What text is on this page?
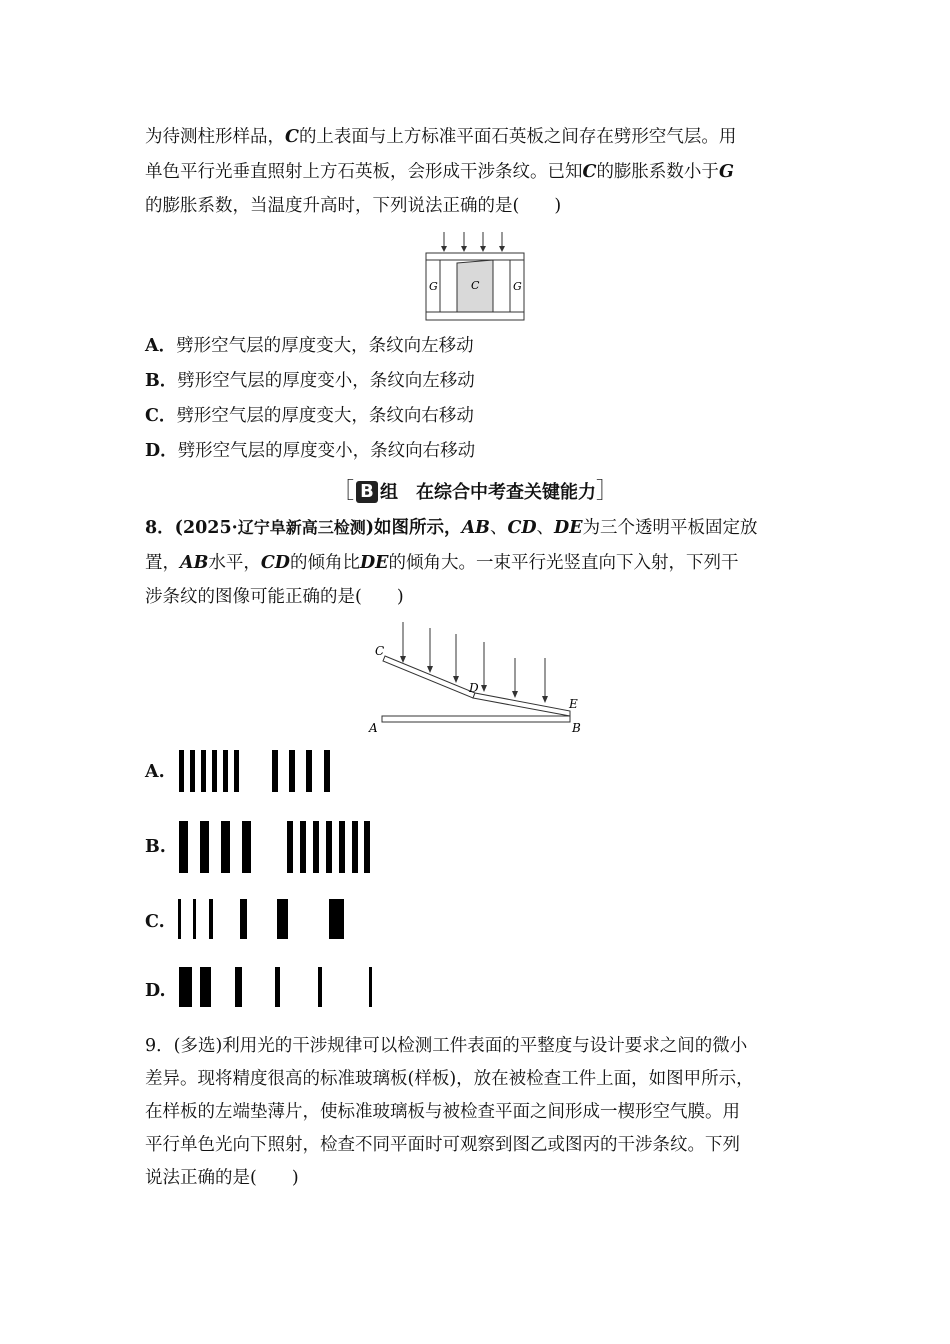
为待测柱形样品，C的上表面与上方标准平面石英板之间存在劈形空气层。用
单色平行光垂直照射上方石英板，会形成干涉条纹。已知C的膨胀系数小于G
的膨胀系数，当温度升高时，下列说法正确的是(　　)
G	C	G
A．劈形空气层的厚度变大，条纹向左移动
B．劈形空气层的厚度变小，条纹向左移动
C．劈形空气层的厚度变大，条纹向右移动
D．劈形空气层的厚度变小，条纹向右移动
［ B 组　在综合中考查关键能力］
8．(2025·辽宁阜新高三检测)如图所示，AB、CD、DE为三个透明平板固定放
置，AB水平，CD的倾角比DE的倾角大。一束平行光竖直向下入射，下列干
涉条纹的图像可能正确的是(　　)
C
D
E
A	B
A.
B.
C.
D.
9．(多选)利用光的干涉规律可以检测工件表面的平整度与设计要求之间的微小
差异。现将精度很高的标准玻璃板(样板)，放在被检查工件上面，如图甲所示，
在样板的左端垫薄片，使标准玻璃板与被检查平面之间形成一楔形空气膜。用
平行单色光向下照射，检查不同平面时可观察到图乙或图丙的干涉条纹。下列
说法正确的是(　　)
